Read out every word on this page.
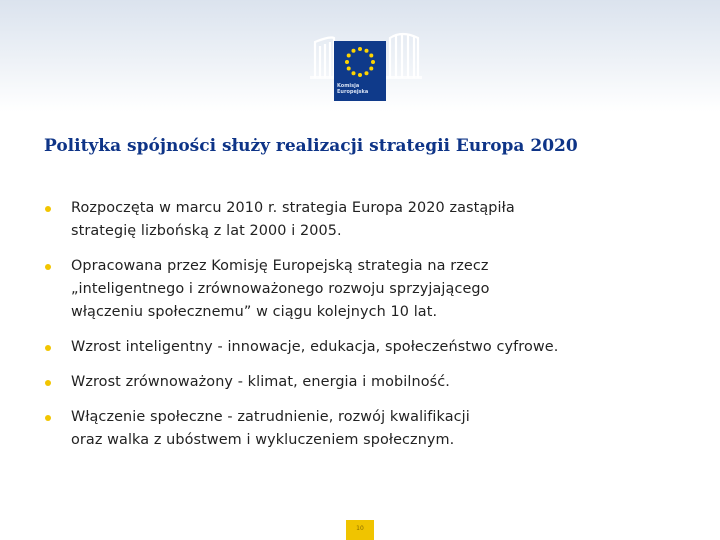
Komisja
Europejska
Polityka spójności służy realizacji strategii Europa 2020
Rozpoczęta w marcu 2010 r. strategia Europa 2020 zastąpiła
strategię lizbońską z lat 2000 i 2005.
Opracowana przez Komisję Europejską strategia na rzecz
„inteligentnego i zrównoważonego rozwoju sprzyjającego
włączeniu społecznemu” w ciągu kolejnych 10 lat.
Wzrost inteligentny - innowacje, edukacja, społeczeństwo cyfrowe.
Wzrost zrównoważony - klimat, energia i mobilność.
Włączenie społeczne - zatrudnienie, rozwój kwalifikacji
oraz walka z ubóstwem i wykluczeniem społecznym.
10
